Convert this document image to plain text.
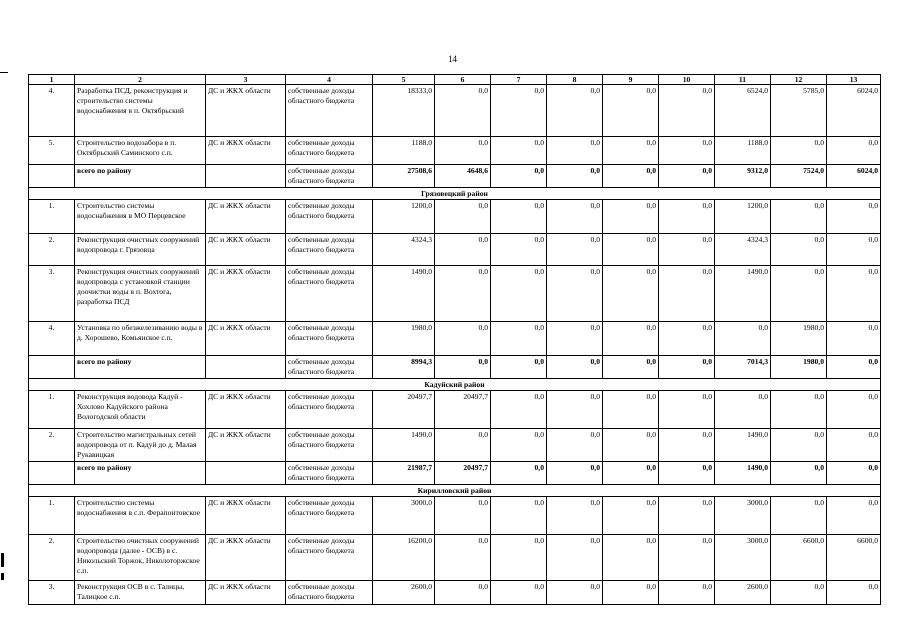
14
1	2	3	4	5	6	7	8	9	10	11	12	13
4.	Разработка ПСД, реконструкция и строительство системы водоснабжения в п. Октябрьский	ДС и ЖКХ области	собственные доходы областного бюджета	18333,0	0,0	0,0	0,0	0,0	0,0	6524,0	5785,0	6024,0
5.	Строительство водозабора в п. Октябрьский Саминского с.п.	ДС и ЖКХ области	собственные доходы областного бюджета	1188,0	0,0	0,0	0,0	0,0	0,0	1188,0	0,0	0,0
	всего по району		собственные доходы областного бюджета	27508,6	4648,6	0,0	0,0	0,0	0,0	9312,0	7524,0	6024,0
Грязовецкий район												
1.	Строительство системы водоснабжения в МО Перцевское	ДС и ЖКХ области	собственные доходы областного бюджета	1200,0	0,0	0,0	0,0	0,0	0,0	1200,0	0,0	0,0
2.	Реконструкция очистных сооружений водопровода г. Грязовца	ДС и ЖКХ области	собственные доходы областного бюджета	4324,3	0,0	0,0	0,0	0,0	0,0	4324,3	0,0	0,0
3.	Реконструкция очистных сооружений водопровода с установкой станции доочистки воды в п. Вохтога, разработка ПСД	ДС и ЖКХ области	собственные доходы областного бюджета	1490,0	0,0	0,0	0,0	0,0	0,0	1490,0	0,0	0,0
4.	Установка по обезжелезиванию воды в д. Хорошево, Комьянское с.п.	ДС и ЖКХ области	собственные доходы областного бюджета	1980,0	0,0	0,0	0,0	0,0	0,0	0,0	1980,0	0,0
	всего по району		собственные доходы областного бюджета	8994,3	0,0	0,0	0,0	0,0	0,0	7014,3	1980,0	0,0
Кадуйский район												
1.	Реконструкция водовода Кадуй - Хохлово Кадуйского района Вологодской области	ДС и ЖКХ области	собственные доходы областного бюджета	20497,7	20497,7	0,0	0,0	0,0	0,0	0,0	0,0	0,0
2.	Строительство магистральных сетей водопровода от п. Кадуй до д. Малая Рукавицкая	ДС и ЖКХ области	собственные доходы областного бюджета	1490,0	0,0	0,0	0,0	0,0	0,0	1490,0	0,0	0,0
	всего по району		собственные доходы областного бюджета	21987,7	20497,7	0,0	0,0	0,0	0,0	1490,0	0,0	0,0
Кирилловский район												
1.	Строительство системы водоснабжения в с.п. Ферапонтовское	ДС и ЖКХ области	собственные доходы областного бюджета	3000,0	0,0	0,0	0,0	0,0	0,0	3000,0	0,0	0,0
2.	Строительство очистных сооружений водопровода (далее - ОСВ) в с. Никольский Торжок, Николоторжское с.п.	ДС и ЖКХ области	собственные доходы областного бюджета	16200,0	0,0	0,0	0,0	0,0	0,0	3000,0	6600,0	6600,0
3.	Реконструкция ОСВ в с. Талицы, Талицкое с.п.	ДС и ЖКХ области	собственные доходы областного бюджета	2600,0	0,0	0,0	0,0	0,0	0,0	2600,0	0,0	0,0
